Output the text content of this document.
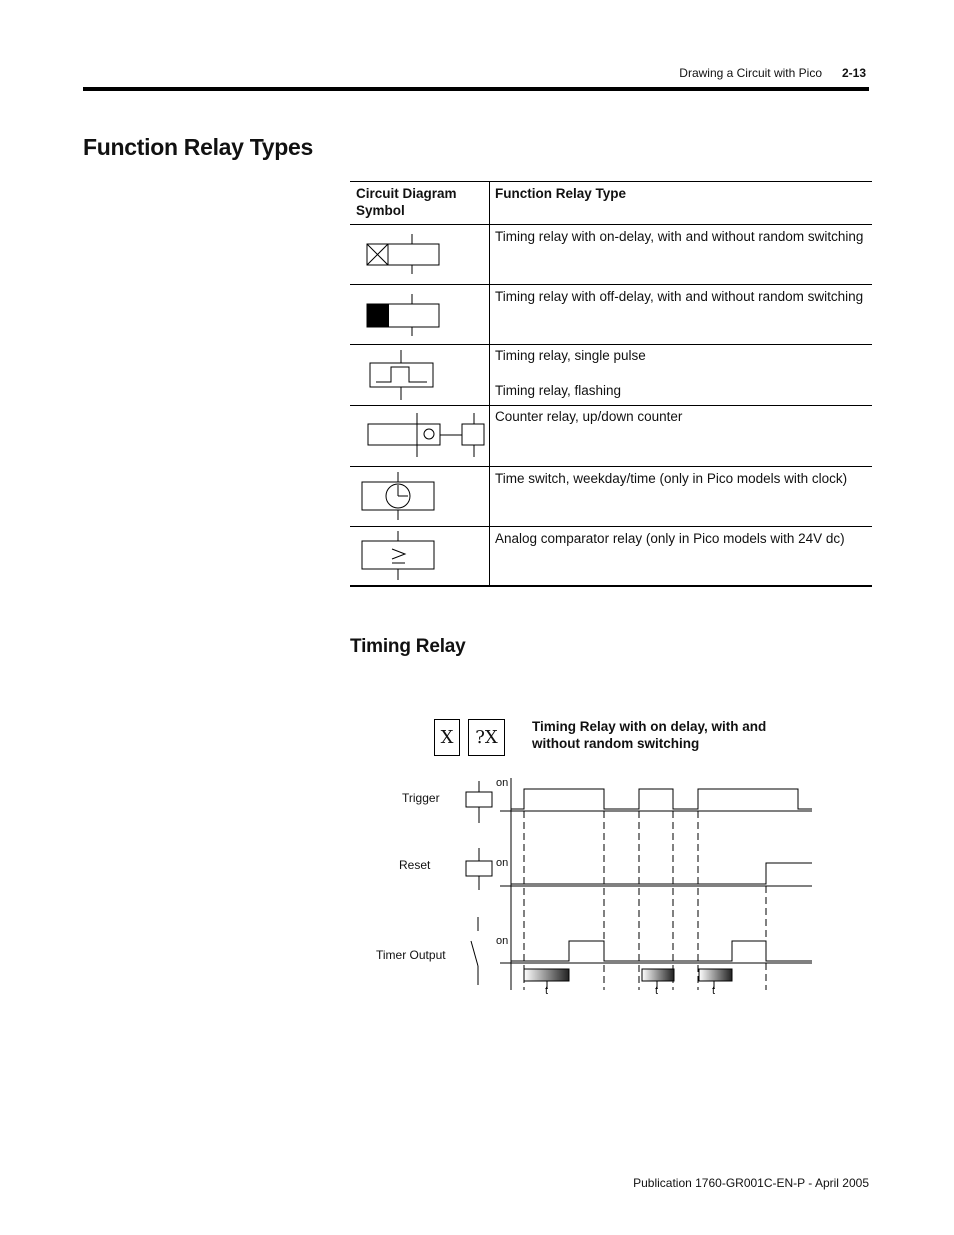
Drawing a Circuit with Pico 2-13
Function Relay Types
Circuit Diagram Symbol
Function Relay Type
Timing relay with on-delay, with and without random switching
Timing relay with off-delay, with and without random switching
Timing relay, single pulse
Timing relay, flashing
Counter relay, up/down counter
Time switch, weekday/time (only in Pico models with clock)
Analog comparator relay (only in Pico models with 24V dc)
Timing Relay
X	?X
Timing Relay with on delay, with and without random switching
Trigger
Reset
Timer Output
on
on
on
t	t	t
Publication 1760-GR001C-EN-P - April 2005
